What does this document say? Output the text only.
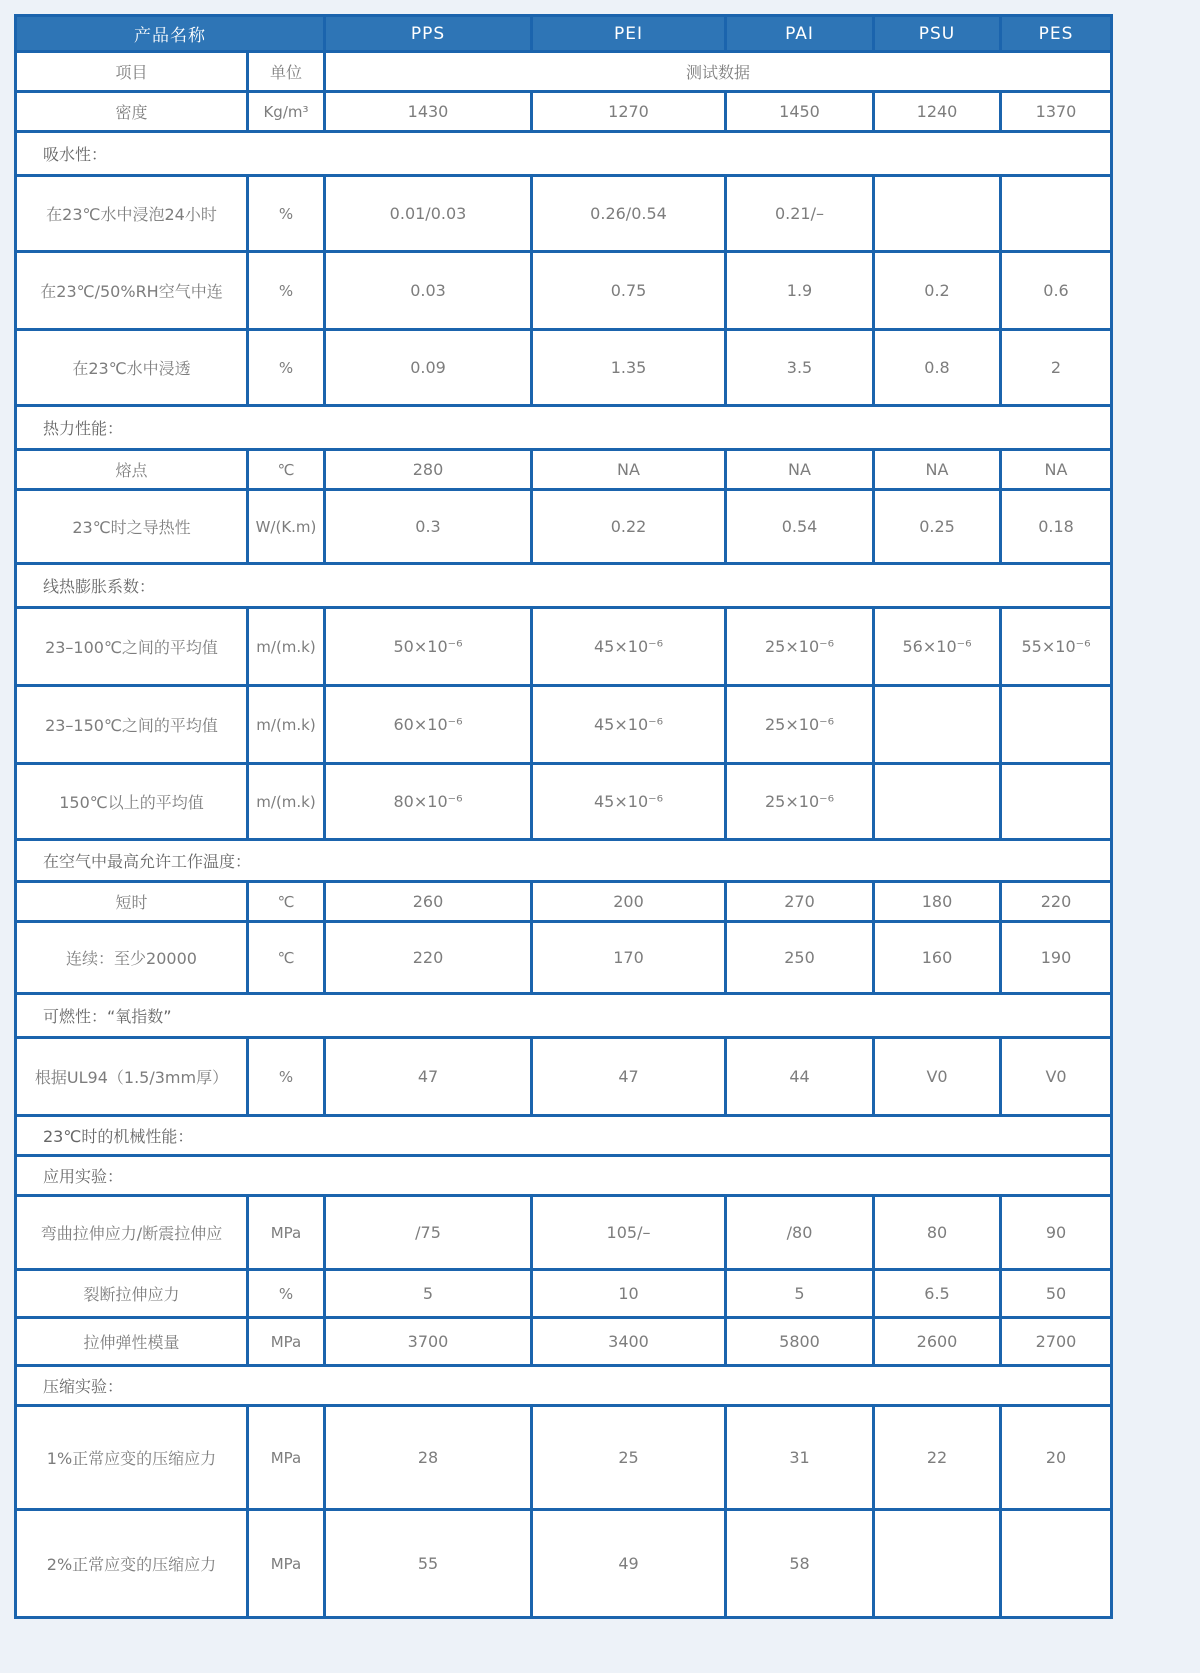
产品名称		PPS	PEI	PAI	PSU	PES
项目	单位	测试数据				
密度	Kg/m³	1430	1270	1450	1240	1370
吸水性：						
在23℃水中浸泡24小时	%	0.01/0.03	0.26/0.54	0.21/–		
在23℃/50%RH空气中连	%	0.03	0.75	1.9	0.2	0.6
在23℃水中浸透	%	0.09	1.35	3.5	0.8	2
热力性能：						
熔点	℃	280	NA	NA	NA	NA
23℃时之导热性	W/(K.m)	0.3	0.22	0.54	0.25	0.18
线热膨胀系数：						
23–100℃之间的平均值	m/(m.k)	50×10⁻⁶	45×10⁻⁶	25×10⁻⁶	56×10⁻⁶	55×10⁻⁶
23–150℃之间的平均值	m/(m.k)	60×10⁻⁶	45×10⁻⁶	25×10⁻⁶		
150℃以上的平均值	m/(m.k)	80×10⁻⁶	45×10⁻⁶	25×10⁻⁶		
在空气中最高允许工作温度：						
短时	℃	260	200	270	180	220
连续：至少20000	℃	220	170	250	160	190
可燃性：“氧指数”						
根据UL94（1.5/3mm厚）	%	47	47	44	V0	V0
23℃时的机械性能：						
应用实验：						
弯曲拉伸应力/断震拉伸应	MPa	/75	105/–	/80	80	90
裂断拉伸应力	%	5	10	5	6.5	50
拉伸弹性模量	MPa	3700	3400	5800	2600	2700
压缩实验：						
1%正常应变的压缩应力	MPa	28	25	31	22	20
2%正常应变的压缩应力	MPa	55	49	58		
